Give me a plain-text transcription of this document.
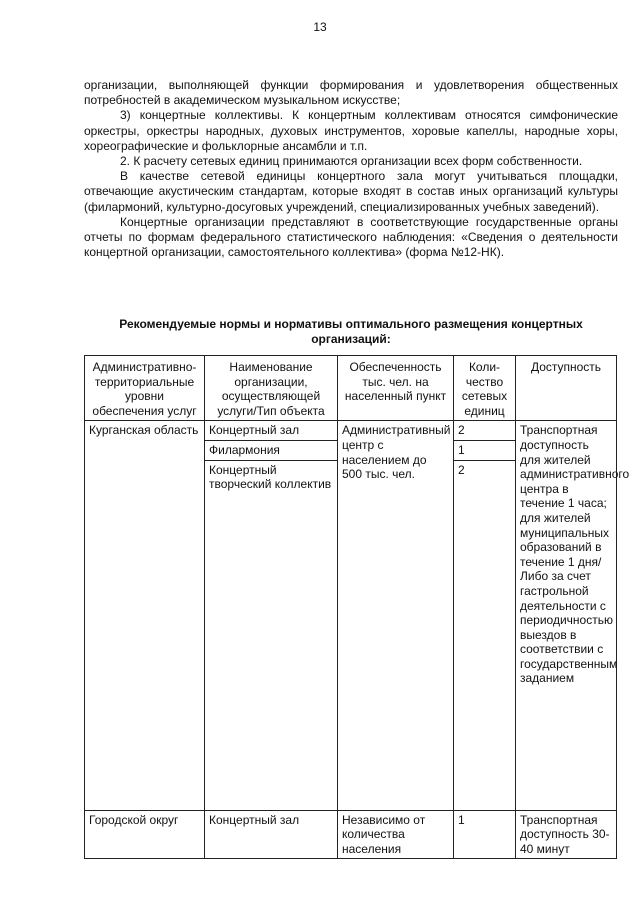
13

организации, выполняющей функции формирования и удовлетворения общественных потребностей в академическом музыкальном искусстве;

3) концертные коллективы. К концертным коллективам относятся симфонические оркестры, оркестры народных, духовых инструментов, хоровые капеллы, народные хоры, хореографические и фольклорные ансамбли и т.п.

2. К расчету сетевых единиц принимаются организации всех форм собственности.

В качестве сетевой единицы концертного зала могут учитываться площадки, отвечающие акустическим стандартам, которые входят в состав иных организаций культуры (филармоний, культурно-досуговых учреждений, специализированных учебных заведений).

Концертные организации представляют в соответствующие государственные органы отчеты по формам федерального статистического наблюдения: «Сведения о деятельности концертной организации, самостоятельного коллектива» (форма №12-НК).

Рекомендуемые нормы и нормативы оптимального размещения концертных организаций:
Административно-территориальные уровни обеспечения услуг	Наименование организации, осуществляющей услуги/Тип объекта	Обеспеченность тыс. чел. на населенный пункт	Коли-чество сетевых единиц	Доступность
Курганская область	Концертный зал	Административный центр с населением до 500 тыс. чел.	2	Транспортная доступность для жителей административного центра в течение 1 часа; для жителей муниципальных образований в течение 1 дня/ Либо за счет гастрольной деятельности с периодичностью выездов в соответствии с государственным заданием
	Филармония		1	
	Концертный творческий коллектив		2	
Городской округ	Концертный зал	Независимо от количества населения	1	Транспортная доступность 30-40 минут
